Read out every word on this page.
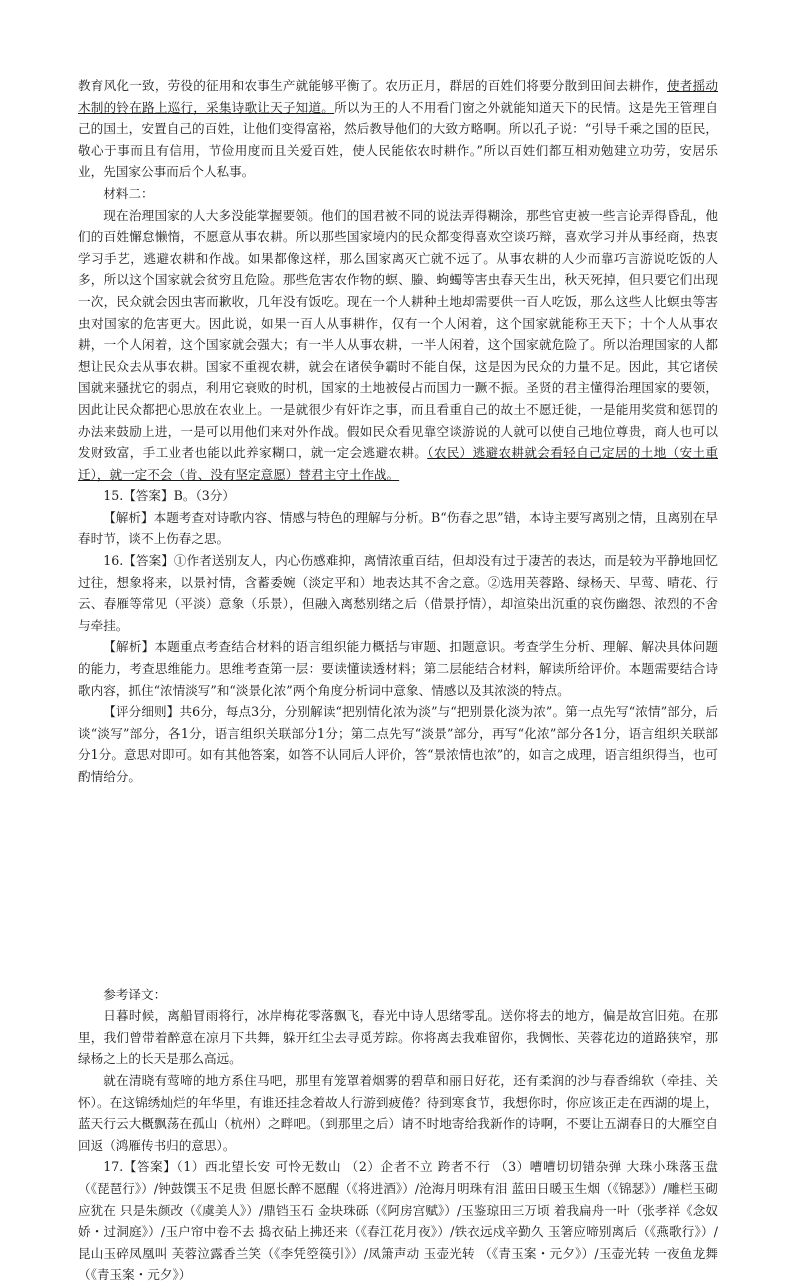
教育风化一致，劳役的征用和农事生产就能够平衡了。农历正月，群居的百姓们将要分散到田间去耕作，使者摇动木制的铃在路上巡行，采集诗歌让天子知道。所以为王的人不用看门窗之外就能知道天下的民情。这是先王管理自己的国土，安置自己的百姓，让他们变得富裕，然后教导他们的大致方略啊。所以孔子说：“引导千乘之国的臣民，敬心于事而且有信用，节俭用度而且关爱百姓，使人民能依农时耕作。”所以百姓们都互相劝勉建立功劳，安居乐业，先国家公事而后个人私事。

材料二：

现在治理国家的人大多没能掌握要领。他们的国君被不同的说法弄得糊涂，那些官吏被一些言论弄得昏乱，他们的百姓懈怠懒惰，不愿意从事农耕。所以那些国家境内的民众都变得喜欢空谈巧辩，喜欢学习并从事经商，热衷学习手艺，逃避农耕和作战。如果都像这样，那么国家离灭亡就不远了。从事农耕的人少而靠巧言游说吃饭的人多，所以这个国家就会贫穷且危险。那些危害农作物的螟、螣、蚼蠋等害虫春天生出，秋天死掉，但只要它们出现一次，民众就会因虫害而歉收，几年没有饭吃。现在一个人耕种土地却需要供一百人吃饭，那么这些人比螟虫等害虫对国家的危害更大。因此说，如果一百人从事耕作，仅有一个人闲着，这个国家就能称王天下；十个人从事农耕，一个人闲着，这个国家就会强大；有一半人从事农耕，一半人闲着，这个国家就危险了。所以治理国家的人都想让民众去从事农耕。国家不重视农耕，就会在诸侯争霸时不能自保，这是因为民众的力量不足。因此，其它诸侯国就来骚扰它的弱点，利用它衰败的时机，国家的土地被侵占而国力一蹶不振。圣贤的君主懂得治理国家的要领，因此让民众都把心思放在农业上。一是就很少有奸诈之事，而且看重自己的故土不愿迁徙，一是能用奖赏和惩罚的办法来鼓励上进，一是可以用他们来对外作战。假如民众看见靠空谈游说的人就可以使自己地位尊贵，商人也可以发财致富，手工业者也能以此养家糊口，就一定会逃避农耕。（农民）逃避农耕就会看轻自己定居的土地（安土重迁），就一定不会（肯、没有坚定意愿）替君主守土作战。

15.【答案】B。（3分）

【解析】本题考查对诗歌内容、情感与特色的理解与分析。B“伤春之思”错，本诗主要写离别之情，且离别在早春时节，谈不上伤春之思。

16.【答案】①作者送别友人，内心伤感难抑，离情浓重百结，但却没有过于凄苦的表达，而是较为平静地回忆过往，想象将来，以景衬情，含蓄委婉（淡定平和）地表达其不舍之意。②选用芙蓉路、绿杨天、早莺、晴花、行云、春雁等常见（平淡）意象（乐景），但融入离愁别绪之后（借景抒情），却渲染出沉重的哀伤幽怨、浓烈的不舍与牵挂。

【解析】本题重点考查结合材料的语言组织能力概括与审题、扣题意识。考查学生分析、理解、解决具体问题的能力，考查思维能力。思维考查第一层：要读懂读透材料；第二层能结合材料，解读所给评价。本题需要结合诗歌内容，抓住“浓情淡写”和“淡景化浓”两个角度分析词中意象、情感以及其浓淡的特点。

【评分细则】共6分，每点3分，分别解读“把别情化浓为淡”与“把别景化淡为浓”。第一点先写“浓情”部分，后谈“淡写”部分，各1分，语言组织关联部分1分；第二点先写“淡景”部分，再写“化浓”部分各1分，语言组织关联部分1分。意思对即可。如有其他答案，如答不认同后人评价，答“景浓情也浓”的，如言之成理，语言组织得当，也可酌情给分。

参考译文：

日暮时候，离船冒雨将行，冰岸梅花零落飘飞，春光中诗人思绪零乱。送你将去的地方，偏是故宫旧苑。在那里，我们曾带着醉意在凉月下共舞，躲开红尘去寻觅芳踪。你将离去我难留你，我惆怅、芙蓉花边的道路狭窄，那绿杨之上的长天是那么高远。

就在清晓有莺啼的地方系住马吧，那里有笼罩着烟雾的碧草和丽日好花，还有柔润的沙与春香绵软（牵挂、关怀）。在这锦绣灿烂的年华里，有谁还挂念着故人行游到疲倦？待到寒食节，我想你时，你应该正走在西湖的堤上，蓝天行云大概飘荡在孤山（杭州）之畔吧。（到那里之后）请不时地寄给我新作的诗啊，不要让五湖春日的大雁空自回返（鸿雁传书归的意思）。

17.【答案】（1）西北望长安 可怜无数山 （2）企者不立 跨者不行 （3）嘈嘈切切错杂弹 大珠小珠落玉盘（《琵琶行》）/钟鼓馔玉不足贵 但愿长醉不愿醒（《将进酒》）/沧海月明珠有泪 蓝田日暖玉生烟（《锦瑟》）/雕栏玉砌应犹在 只是朱颜改（《虞美人》）/鼎铛玉石 金块珠砾（《阿房宫赋》）/玉鉴琼田三万顷 着我扁舟一叶（张孝祥《念奴娇・过洞庭》）/玉户帘中卷不去 捣衣砧上拂还来（《春江花月夜》）/铁衣远戍辛勤久 玉箸应啼别离后（《燕歌行》）/昆山玉碎凤凰叫 芙蓉泣露香兰笑（《李凭箜篌引》）/凤箫声动 玉壶光转 （《青玉案・元夕》）/玉壶光转 一夜鱼龙舞（《青玉案・元夕》）
